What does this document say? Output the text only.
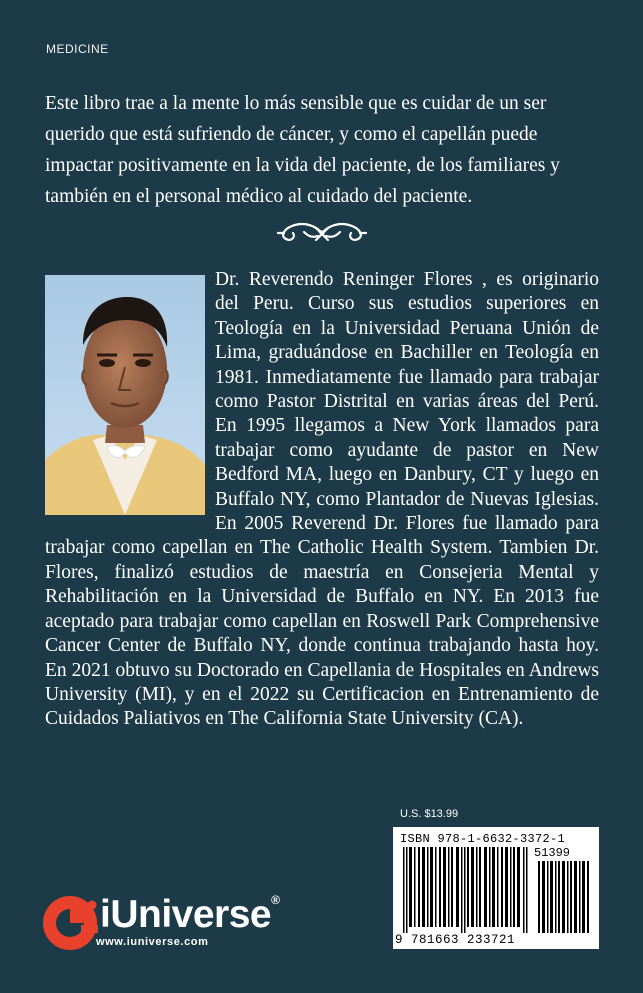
MEDICINE

Este libro trae a la mente lo más sensible que es cuidar de un ser querido que está sufriendo de cáncer, y como el capellán puede impactar positivamente en la vida del paciente, de los familiares y también en el personal médico al cuidado del paciente.

Dr. Reverendo Reninger Flores , es originario del Peru. Curso sus estudios superiores en Teología en la Universidad Peruana Unión de Lima, graduándose en Bachiller en Teología en 1981. Inmediatamente fue llamado para trabajar como Pastor Distrital en varias áreas del Perú. En 1995 llegamos a New York llamados para trabajar como ayudante de pastor en New Bedford MA, luego en Danbury, CT y luego en Buffalo NY, como Plantador de Nuevas Iglesias. En 2005 Reverend Dr. Flores fue llamado para trabajar como capellan en The Catholic Health System. Tambien Dr. Flores, finalizó estudios de maestría en Consejeria Mental y Rehabilitación en la Universidad de Buffalo en NY. En 2013 fue aceptado para trabajar como capellan en Roswell Park Comprehensive Cancer Center de Buffalo NY, donde continua trabajando hasta hoy. En 2021 obtuvo su Doctorado en Capellania de Hospitales en Andrews University (MI), y en el 2022 su Certificacion en Entrenamiento de Cuidados Paliativos en The California State University (CA).

U.S. $13.99
ISBN 978-1-6632-3372-1
51399
9 781663 233721
iUniverse®
www.iuniverse.com
